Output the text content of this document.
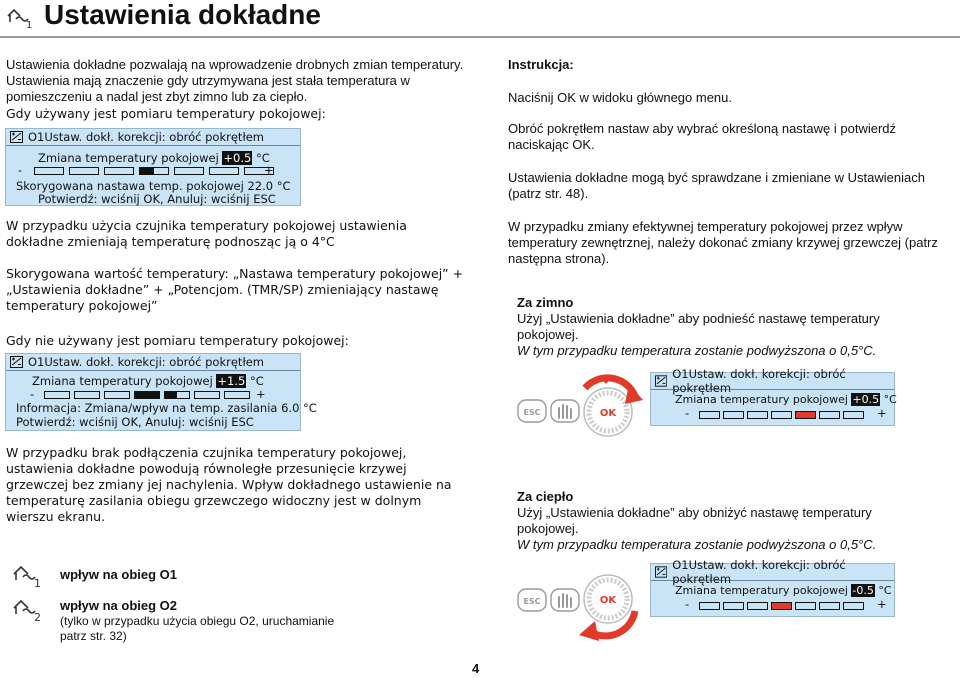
1 Ustawienia dokładne
Ustawienia dokładne pozwalają na wprowadzenie drobnych zmian temperatury. Ustawienia mają znaczenie gdy utrzymywana jest stała temperatura w pomieszczeniu a nadal jest zbyt zimno lub za ciepło.
Gdy używany jest pomiaru temperatury pokojowej:
O1Ustaw. dokł. korekcji: obróć pokrętłem
Zmiana temperatury pokojowej +0.5 °C
-	+
Skorygowana nastawa temp. pokojowej 22.0 °C
Potwierdź: wciśnij OK, Anuluj: wciśnij ESC
W przypadku użycia czujnika temperatury pokojowej ustawienia dokładne zmieniają temperaturę podnosząc ją o 4°C
Skorygowana wartość temperatury: „Nastawa temperatury pokojowej” + „Ustawienia dokładne” + „Potencjom. (TMR/SP) zmieniający nastawę temperatury pokojowej”
Gdy nie używany jest pomiaru temperatury pokojowej:
O1Ustaw. dokł. korekcji: obróć pokrętłem
Zmiana temperatury pokojowej +1.5 °C
-	+
Informacja: Zmiana/wpływ na temp. zasilania 6.0 °C
Potwierdź: wciśnij OK, Anuluj: wciśnij ESC
W przypadku brak podłączenia czujnika temperatury pokojowej, ustawienia dokładne powodują równoległe przesunięcie krzywej grzewczej bez zmiany jej nachylenia. Wpływ dokładnego ustawienie na temperaturę zasilania obiegu grzewczego widoczny jest w dolnym wierszu ekranu.
1
wpływ na obieg O1
2
wpływ na obieg O2
(tylko w przypadku użycia obiegu O2, uruchamianie patrz str. 32)
Instrukcja:
Naciśnij OK w widoku głównego menu.
Obróć pokrętłem nastaw aby wybrać określoną nastawę i potwierdź naciskając OK.
Ustawienia dokładne mogą być sprawdzane i zmieniane w Ustawieniach (patrz str. 48).
W przypadku zmiany efektywnej temperatury pokojowej przez wpływ temperatury zewnętrznej, należy dokonać zmiany krzywej grzewczej (patrz następna strona).
Za zimno
Użyj „Ustawienia dokładne” aby podnieść nastawę temperatury pokojowej.
W tym przypadku temperatura zostanie podwyższona o 0,5°C.
ESC	OK
O1Ustaw. dokł. korekcji: obróć pokrętłem
Zmiana temperatury pokojowej +0.5 °C
-	+
Za ciepło
Użyj „Ustawienia dokładne” aby obniżyć nastawę temperatury pokojowej.
W tym przypadku temperatura zostanie podwyższona o 0,5°C.
ESC	OK
O1Ustaw. dokł. korekcji: obróć pokrętłem
Zmiana temperatury pokojowej -0.5 °C
-	+
4
